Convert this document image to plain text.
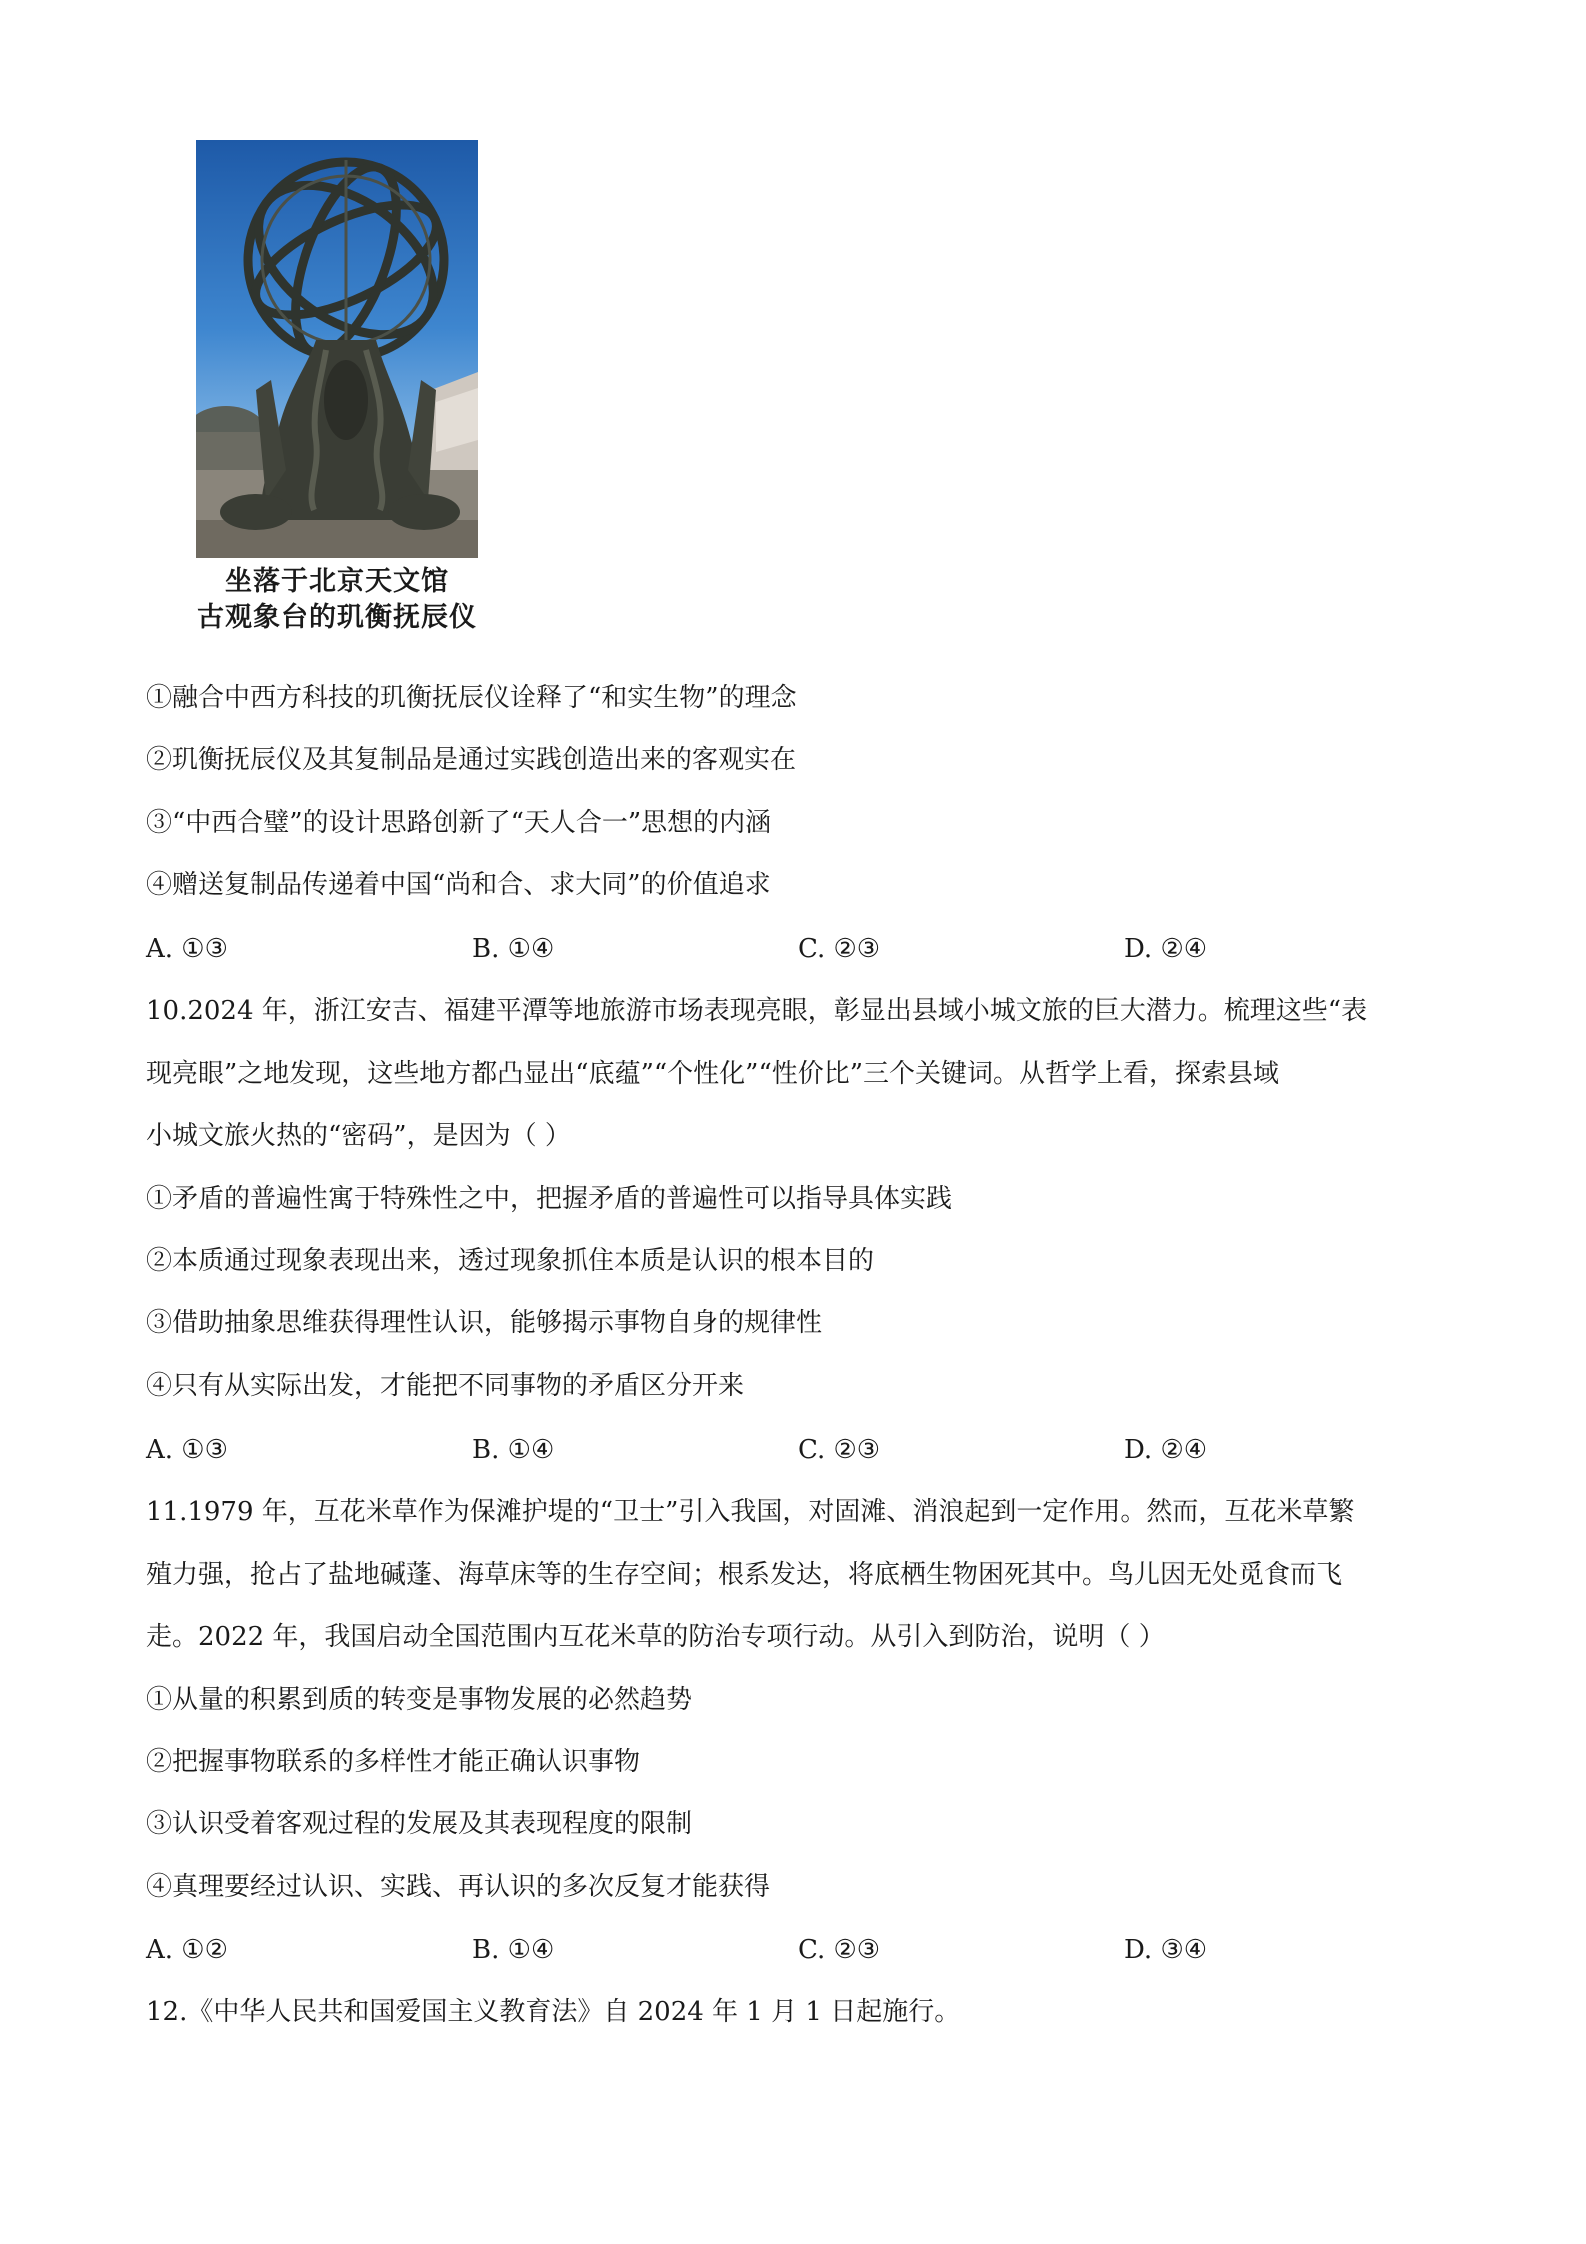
坐落于北京天文馆
古观象台的玑衡抚辰仪
①融合中西方科技的玑衡抚辰仪诠释了“和实生物”的理念
②玑衡抚辰仪及其复制品是通过实践创造出来的客观实在
③“中西合璧”的设计思路创新了“天人合一”思想的内涵
④赠送复制品传递着中国“尚和合、求大同”的价值追求
A. ①③	B. ①④	C. ②③	D. ②④
10.2024 年，浙江安吉、福建平潭等地旅游市场表现亮眼，彰显出县域小城文旅的巨大潜力。梳理这些“表
现亮眼”之地发现，这些地方都凸显出“底蕴”“个性化”“性价比”三个关键词。从哲学上看，探索县域
小城文旅火热的“密码”，是因为（ ）
①矛盾的普遍性寓于特殊性之中，把握矛盾的普遍性可以指导具体实践
②本质通过现象表现出来，透过现象抓住本质是认识的根本目的
③借助抽象思维获得理性认识，能够揭示事物自身的规律性
④只有从实际出发，才能把不同事物的矛盾区分开来
A. ①③	B. ①④	C. ②③	D. ②④
11.1979 年，互花米草作为保滩护堤的“卫士”引入我国，对固滩、消浪起到一定作用。然而，互花米草繁
殖力强，抢占了盐地碱蓬、海草床等的生存空间；根系发达，将底栖生物困死其中。鸟儿因无处觅食而飞
走。2022 年，我国启动全国范围内互花米草的防治专项行动。从引入到防治，说明（ ）
①从量的积累到质的转变是事物发展的必然趋势
②把握事物联系的多样性才能正确认识事物
③认识受着客观过程的发展及其表现程度的限制
④真理要经过认识、实践、再认识的多次反复才能获得
A. ①②	B. ①④	C. ②③	D. ③④
12.《中华人民共和国爱国主义教育法》自 2024 年 1 月 1 日起施行。
